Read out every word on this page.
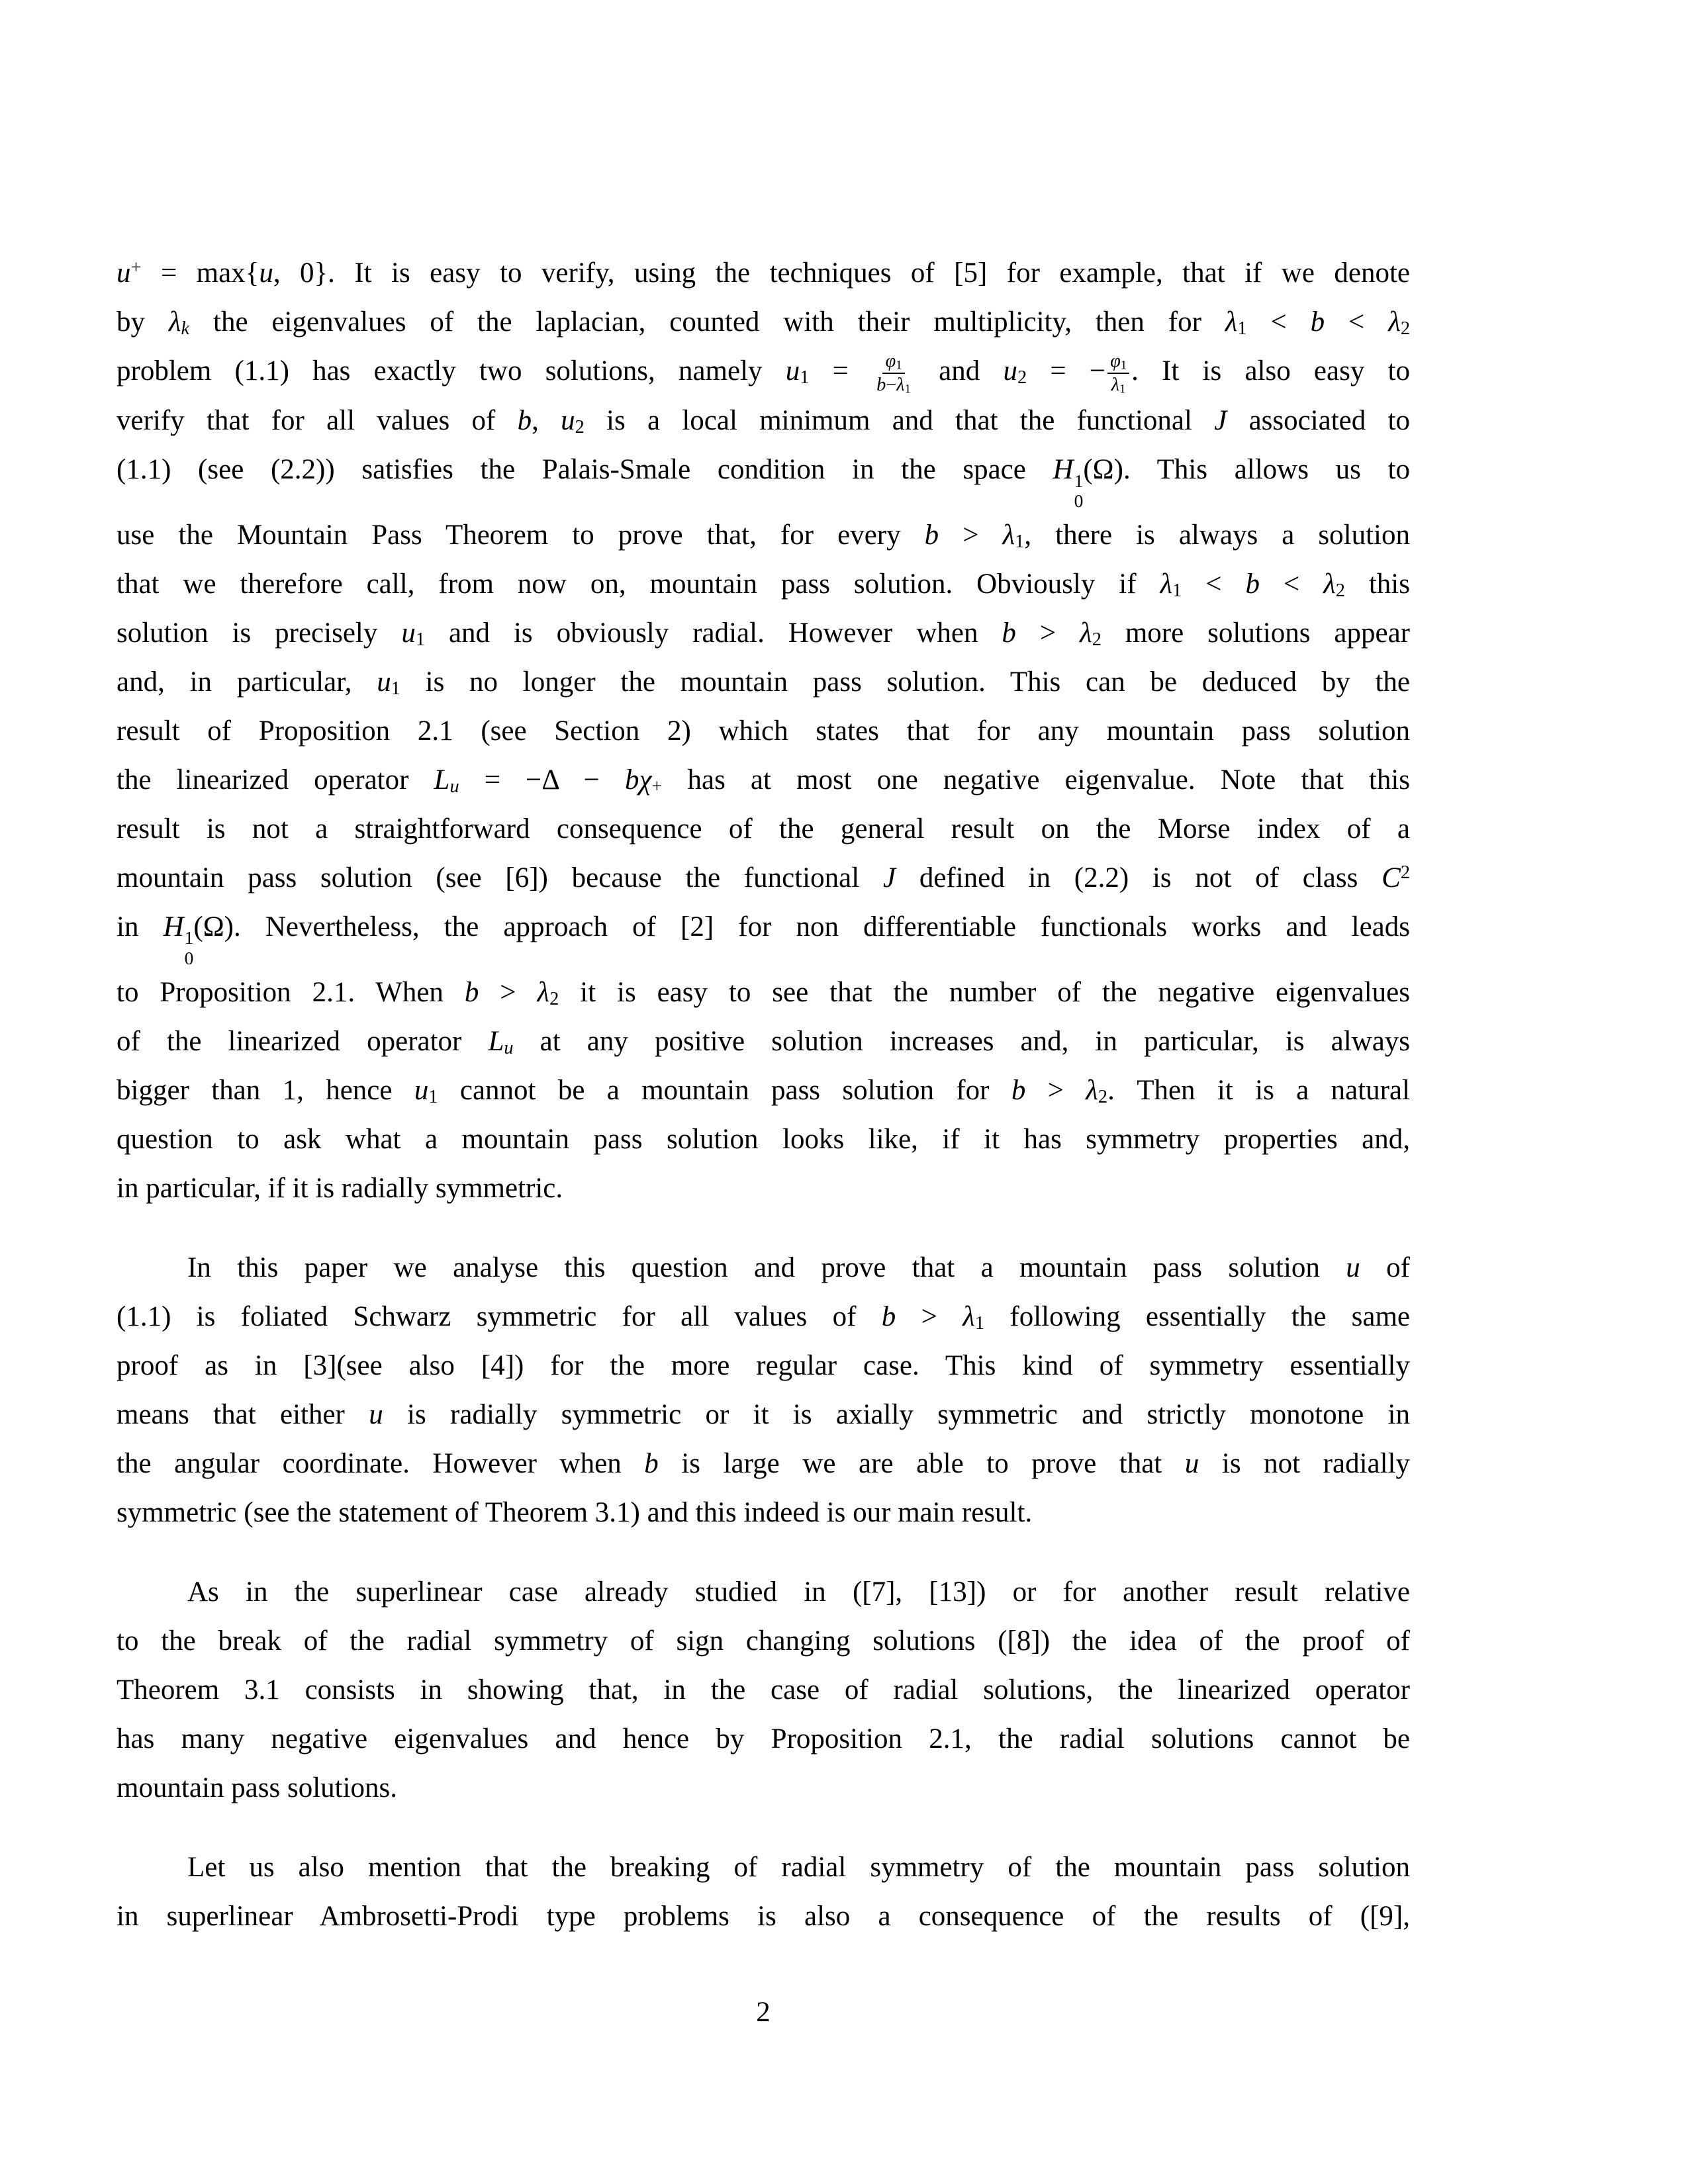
u+ = max{u, 0}. It is easy to verify, using the techniques of [5] for example, that if we denote
by $\lambda_k$ the eigenvalues of the laplacian, counted with their multiplicity, then for $\lambda_1 < b < \lambda_2$
problem (1.1) has exactly two solutions, namely $u_1 = \frac{\varphi_1}{b-\lambda_1}$ and $u_2$ = − $\frac{\varphi_1}{\lambda_1}$ . It is also easy to
verify that for all values of b, $u_2$ is a local minimum and that the functional J associated to
(1.1) (see (2.2)) satisfies the Palais-Smale condition in the space H 1
0
(Ω). This allows us to
use the Mountain Pass Theorem to prove that, for every $b > \lambda_1$, there is always a solution
that we therefore call, from now on, mountain pass solution. Obviously if $\lambda_1 < b < \lambda_2$ this
solution is precisely $u_1$ and is obviously radial. However when $b > \lambda_2$ more solutions appear
and, in particular, $u_1$ is no longer the mountain pass solution. This can be deduced by the
result of Proposition 2.1 (see Section 2) which states that for any mountain pass solution
the linearized operator $L_u = -\Delta - b\chi_+$ has at most one negative eigenvalue. Note that this
result is not a straightforward consequence of the general result on the Morse index of a
mountain pass solution (see [6]) because the functional J defined in (2.2) is not of class $C^2$
in H 1
0
(Ω). Nevertheless, the approach of [2] for non differentiable functionals works and leads
to Proposition 2.1. When $b > \lambda_2$ it is easy to see that the number of the negative eigenvalues
of the linearized operator $L_u$ at any positive solution increases and, in particular, is always
bigger than 1, hence $u_1$ cannot be a mountain pass solution for $b > \lambda_2$. Then it is a natural
question to ask what a mountain pass solution looks like, if it has symmetry properties and,
in particular, if it is radially symmetric.
In this paper we analyse this question and prove that a mountain pass solution u of
(1.1) is foliated Schwarz symmetric for all values of $b > \lambda_1$ following essentially the same
proof as in [3](see also [4]) for the more regular case. This kind of symmetry essentially
means that either u is radially symmetric or it is axially symmetric and strictly monotone in
the angular coordinate. However when b is large we are able to prove that u is not radially
symmetric (see the statement of Theorem 3.1) and this indeed is our main result.
As in the superlinear case already studied in ([7], [13]) or for another result relative
to the break of the radial symmetry of sign changing solutions ([8]) the idea of the proof of
Theorem 3.1 consists in showing that, in the case of radial solutions, the linearized operator
has many negative eigenvalues and hence by Proposition 2.1, the radial solutions cannot be
mountain pass solutions.
Let us also mention that the breaking of radial symmetry of the mountain pass solution
in superlinear Ambrosetti-Prodi type problems is also a consequence of the results of ([9],
2
